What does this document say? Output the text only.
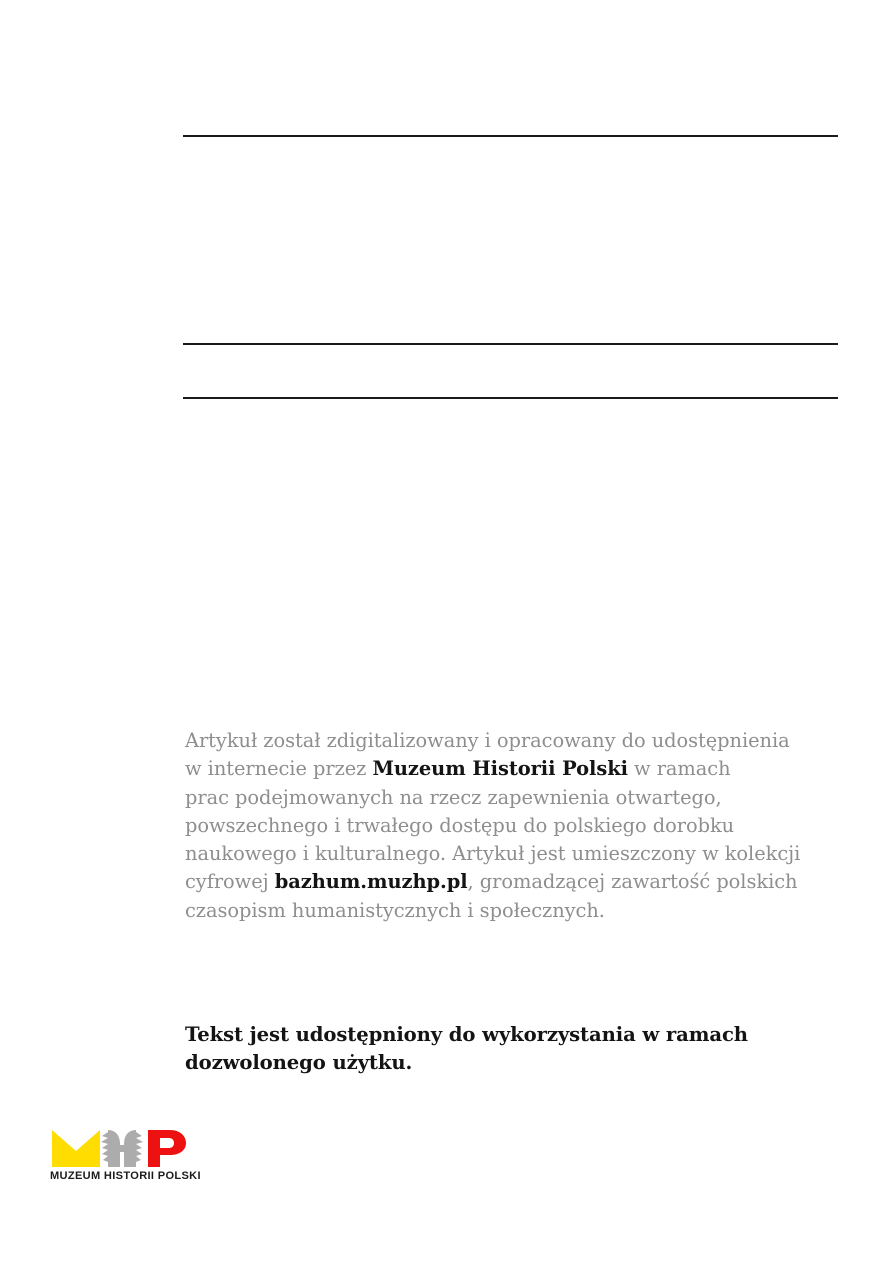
Artykuł został zdigitalizowany i opracowany do udostępnienia
w internecie przez Muzeum Historii Polski w ramach
prac podejmowanych na rzecz zapewnienia otwartego,
powszechnego i trwałego dostępu do polskiego dorobku
naukowego i kulturalnego. Artykuł jest umieszczony w kolekcji
cyfrowej bazhum.muzhp.pl, gromadzącej zawartość polskich
czasopism humanistycznych i społecznych.
Tekst jest udostępniony do wykorzystania w ramach
dozwolonego użytku.
MUZEUM HISTORII POLSKI
